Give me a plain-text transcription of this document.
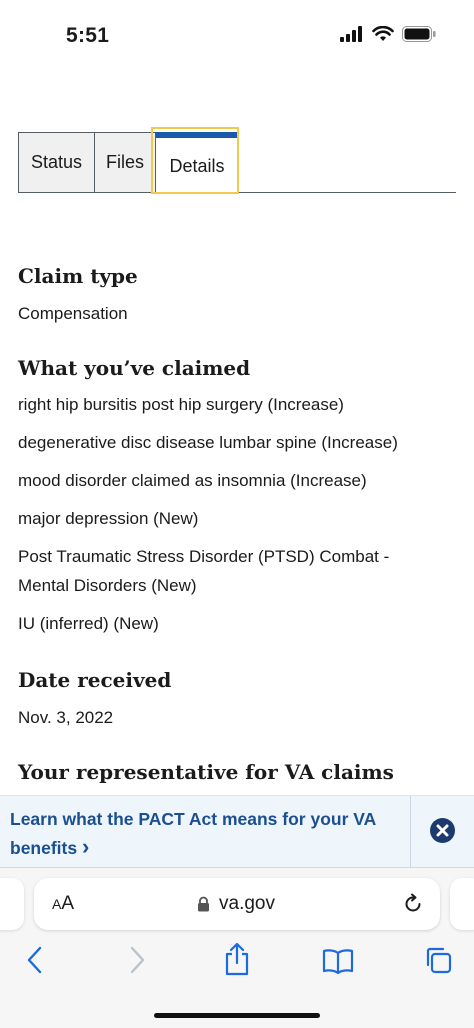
5:51
Status Files Details
Claim type
Compensation
What you’ve claimed

right hip bursitis post hip surgery (Increase)

degenerative disc disease lumbar spine (Increase)

mood disorder claimed as insomnia (Increase)

major depression (New)

Post Traumatic Stress Disorder (PTSD) Combat - Mental Disorders (New)

IU (inferred) (New)

Date received
Nov. 3, 2022
Your representative for VA claims
Learn what the PACT Act means for your VA benefits ›
AA	va.gov
